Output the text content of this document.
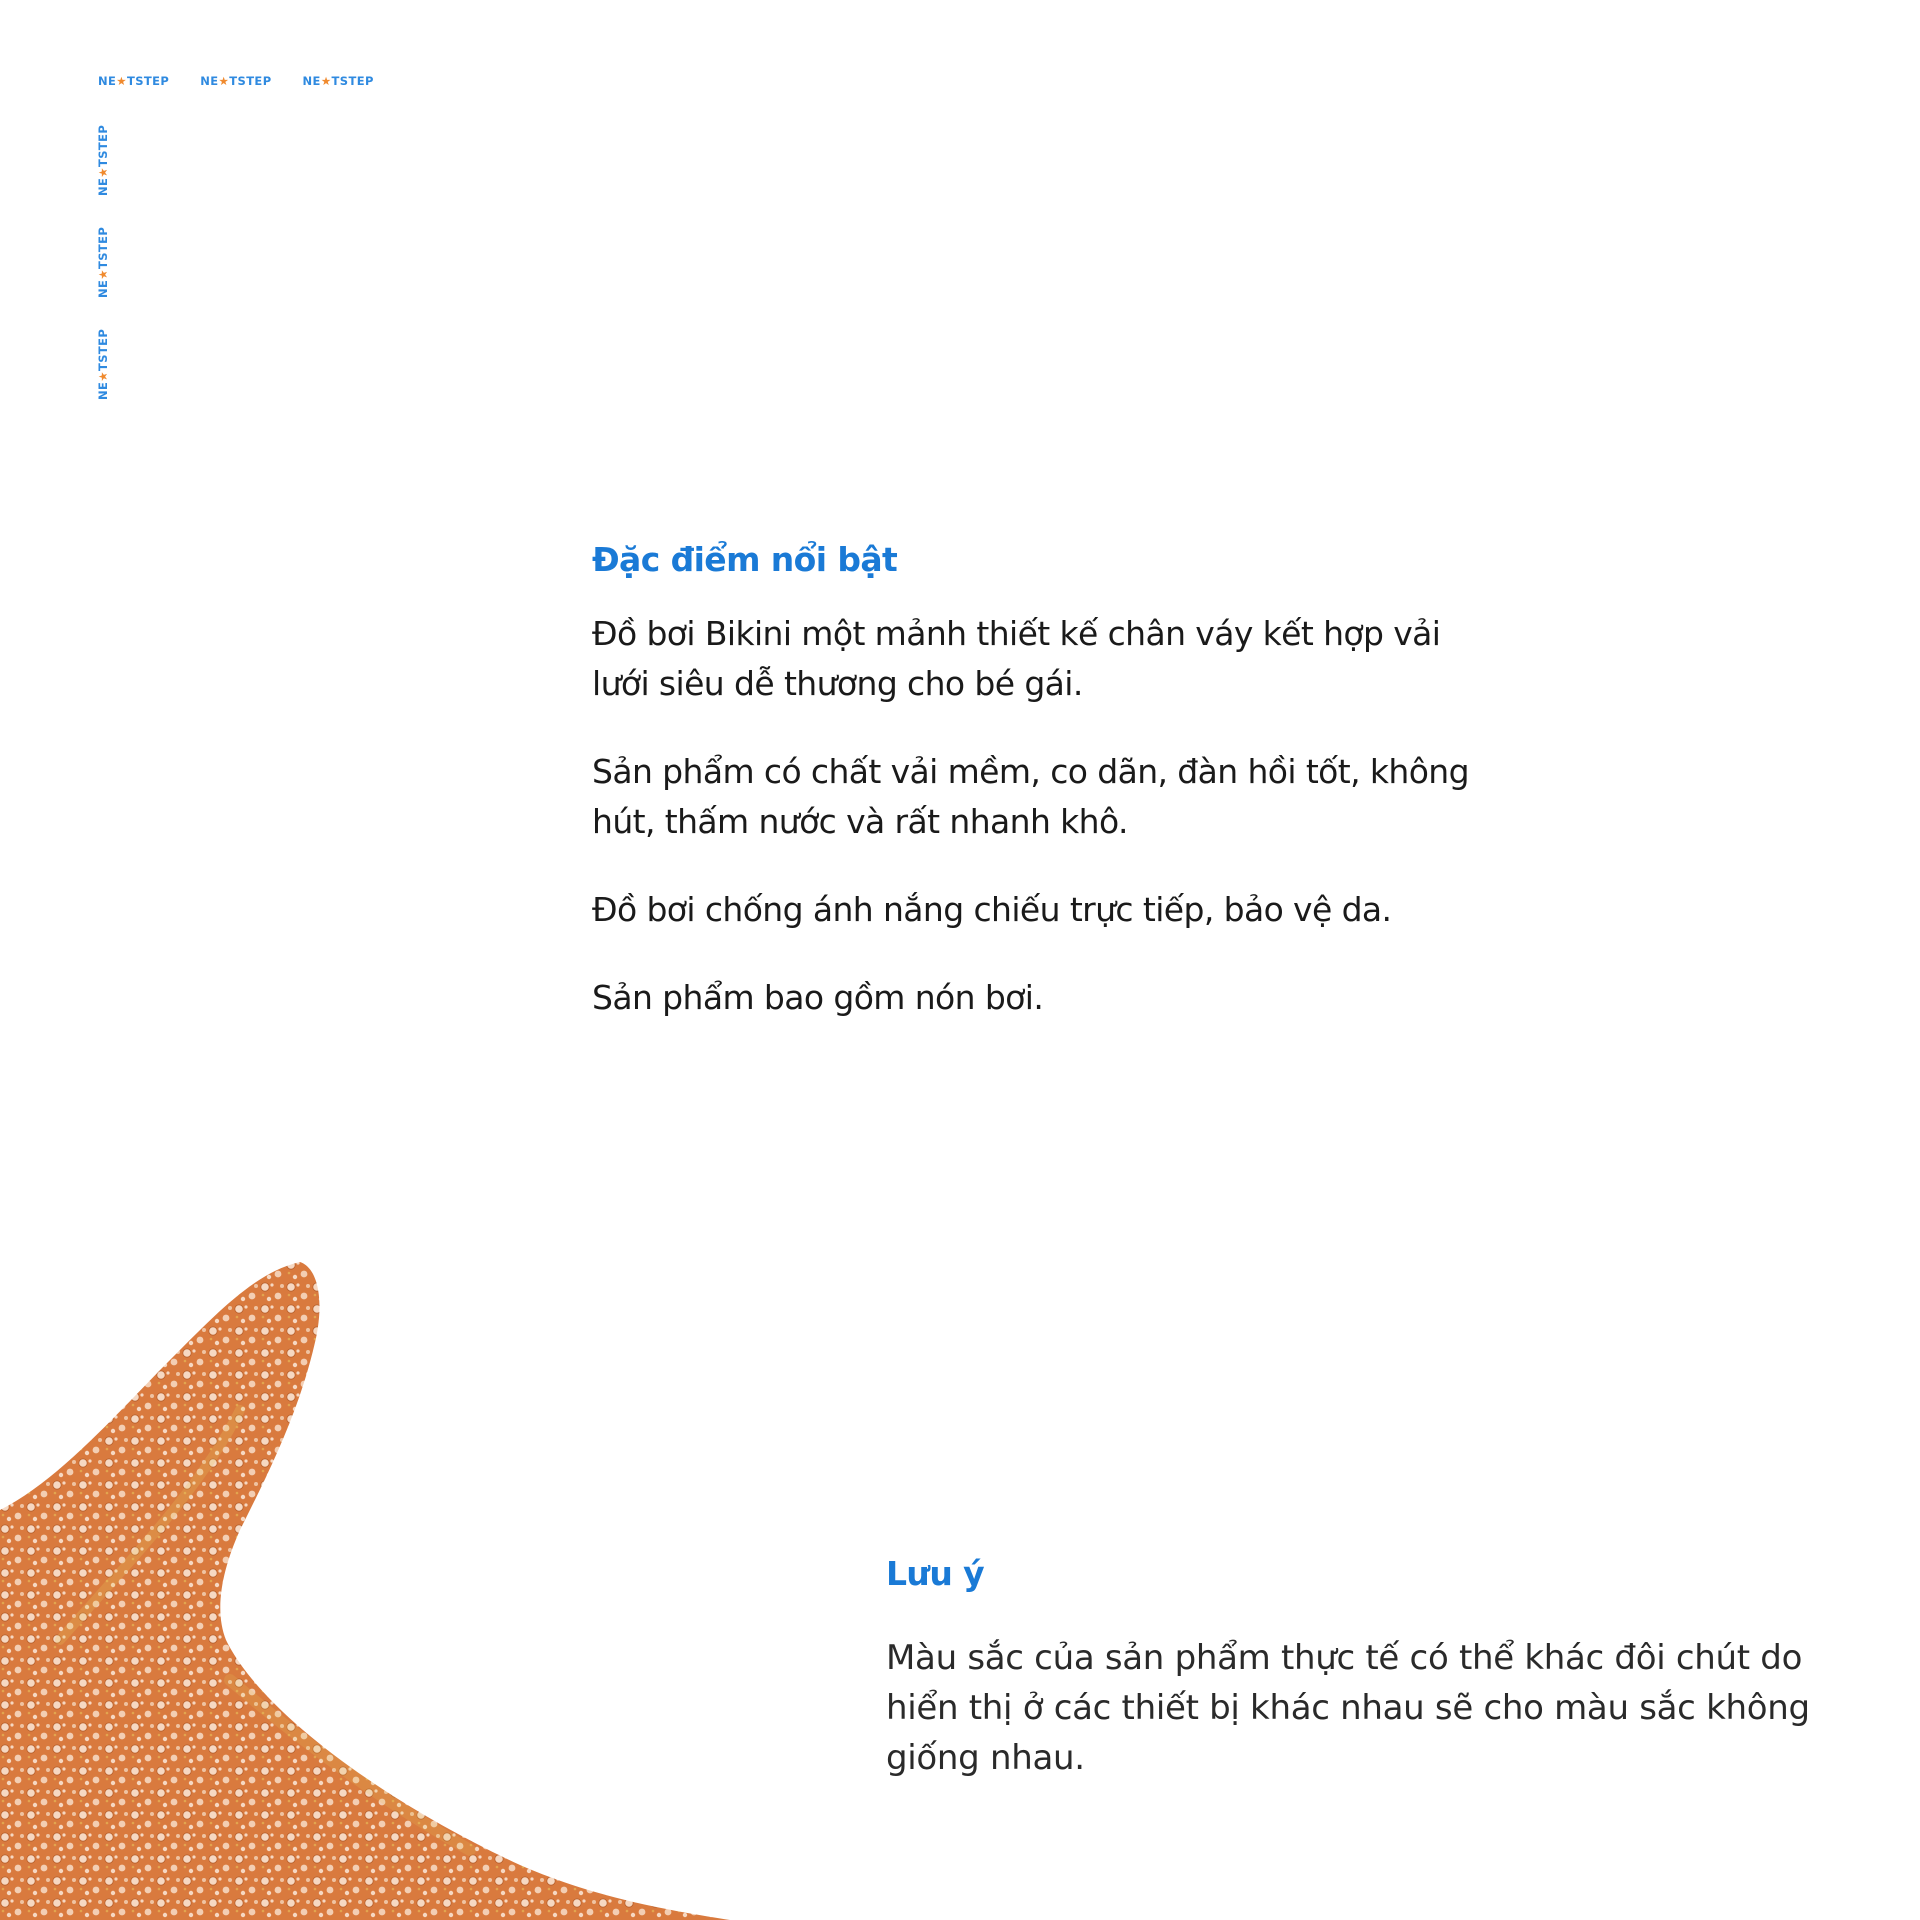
NE★TSTEP	NE★TSTEP	NE★TSTEP
NE★TSTEP
NE★TSTEP
NE★TSTEP
Đặc điểm nổi bật

Đồ bơi Bikini một mảnh thiết kế chân váy kết hợp vải lưới siêu dễ thương cho bé gái.

Sản phẩm có chất vải mềm, co dãn, đàn hồi tốt, không hút, thấm nước và rất nhanh khô.

Đồ bơi chống ánh nắng chiếu trực tiếp, bảo vệ da.

Sản phẩm bao gồm nón bơi.

Lưu ý

Màu sắc của sản phẩm thực tế có thể khác đôi chút do hiển thị ở các thiết bị khác nhau sẽ cho màu sắc không giống nhau.
